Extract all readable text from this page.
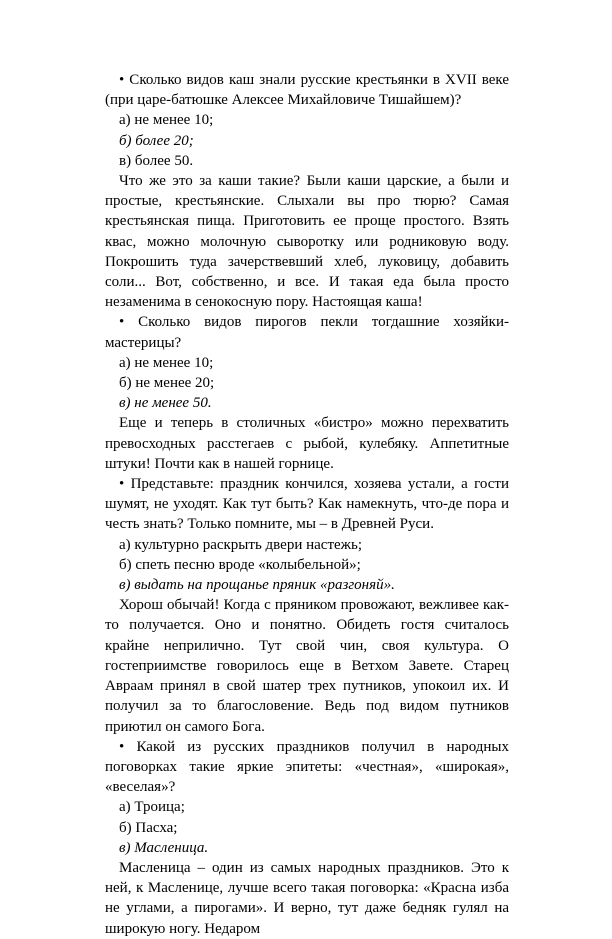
• Сколько видов каш знали русские крестьянки в XVII веке (при царе-батюшке Алексее Михайловиче Тишайшем)?

а) не менее 10;

б) более 20;

в) более 50.

Что же это за каши такие? Были каши царские, а были и простые, крестьянские. Слыхали вы про тюрю? Самая крестьянская пища. Приготовить ее проще простого. Взять квас, можно молочную сыворотку или родниковую воду. Покрошить туда зачерствевший хлеб, луковицу, добавить соли... Вот, собственно, и все. И такая еда была просто незаменима в сенокосную пору. Настоящая каша!

• Сколько видов пирогов пекли тогдашние хозяйки-мастерицы?

а) не менее 10;

б) не менее 20;

в) не менее 50.

Еще и теперь в столичных «бистро» можно перехватить превосходных расстегаев с рыбой, кулебяку. Аппетитные штуки! Почти как в нашей горнице.

• Представьте: праздник кончился, хозяева устали, а гости шумят, не уходят. Как тут быть? Как намекнуть, что-де пора и честь знать? Только помните, мы – в Древней Руси.

а) культурно раскрыть двери настежь;

б) спеть песню вроде «колыбельной»;

в) выдать на прощанье пряник «разгоняй».

Хорош обычай! Когда с пряником провожают, вежливее как-то получается. Оно и понятно. Обидеть гостя считалось крайне неприлично. Тут свой чин, своя культура. О гостеприимстве говорилось еще в Ветхом Завете. Старец Авраам принял в свой шатер трех путников, упокоил их. И получил за то благословение. Ведь под видом путников приютил он самого Бога.

• Какой из русских праздников получил в народных поговорках такие яркие эпитеты: «честная», «широкая», «веселая»?

а) Троица;

б) Пасха;

в) Масленица.

Масленица – один из самых народных праздников. Это к ней, к Масленице, лучше всего такая поговорка: «Красна изба не углами, а пирогами». И верно, тут даже бедняк гулял на широкую ногу. Недаром
